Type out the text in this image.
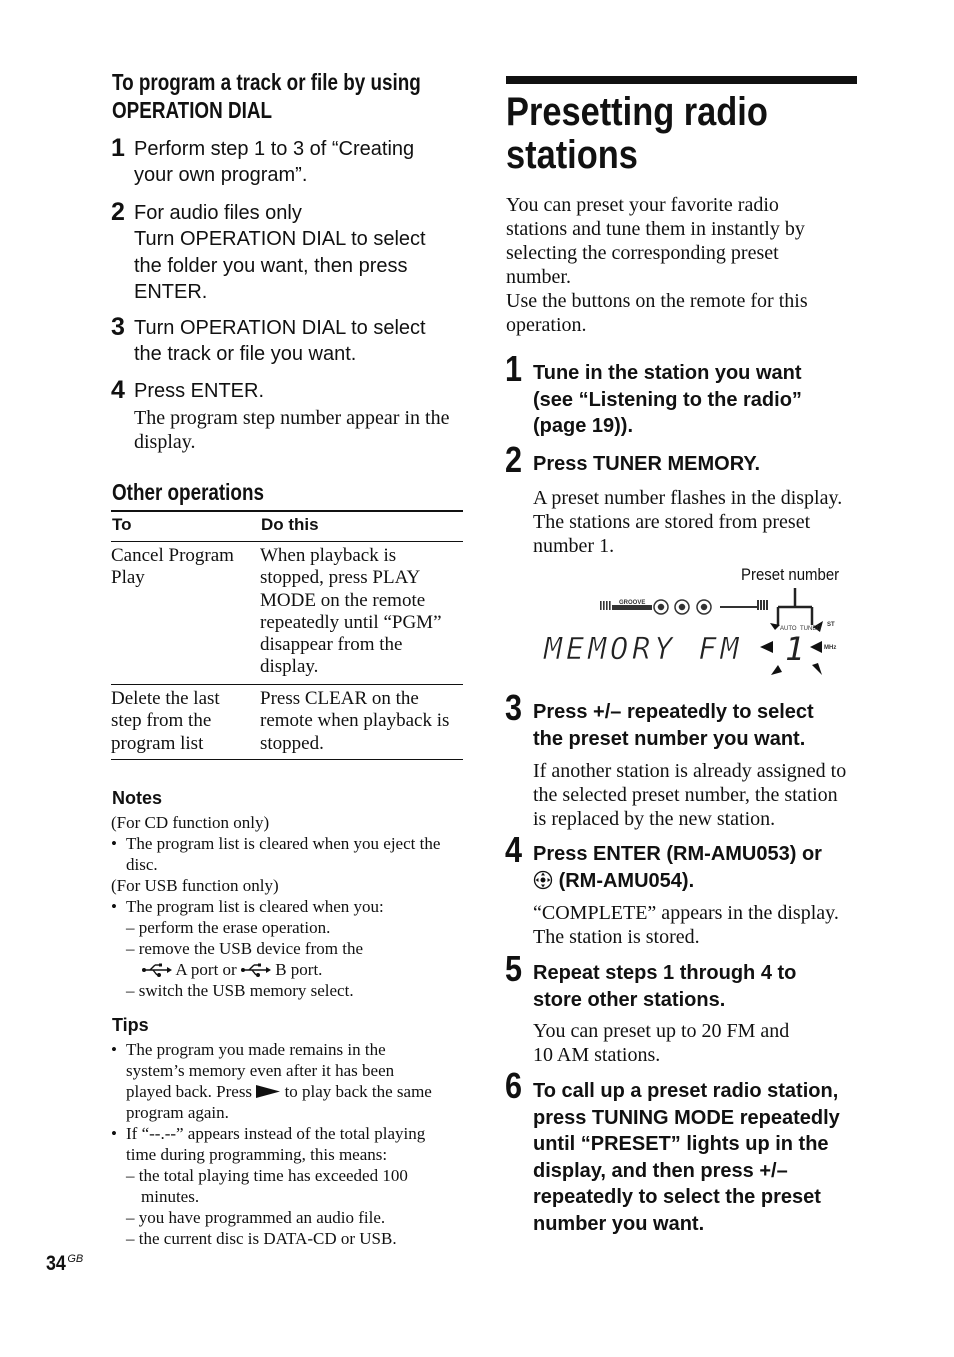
To program a track or file by using
OPERATION DIAL
1 Perform step 1 to 3 of “Creating
your own program”.
2 For audio files only
Turn OPERATION DIAL to select
the folder you want, then press
ENTER.
3 Turn OPERATION DIAL to select
the track or file you want.
4 Press ENTER.
The program step number appear in the
display.
Other operations
To	Do this
Cancel Program
Play
When playback is
stopped, press PLAY
MODE on the remote
repeatedly until “PGM”
disappear from the
display.
Delete the last
step from the
program list
Press CLEAR on the
remote when playback is
stopped.
Notes
(For CD function only)
• The program list is cleared when you eject the
disc.
(For USB function only)
• The program list is cleared when you:
– perform the erase operation.
– remove the USB device from the
A port or B port.
– switch the USB memory select.
Tips
• The program you made remains in the
system’s memory even after it has been
played back. Press to play back the same
program again.
• If “--.--” appears instead of the total playing
time during programming, this means:
– the total playing time has exceeded 100
minutes.
– you have programmed an audio file.
– the current disc is DATA-CD or USB.
34 $^{GB}$
Presetting radio
stations
You can preset your favorite radio
stations and tune them in instantly by
selecting the corresponding preset
number.
Use the buttons on the remote for this
operation.
1 Tune in the station you want
(see “Listening to the radio”
(page 19)).
2 Press TUNER MEMORY.
A preset number flashes in the display.
The stations are stored from preset
number 1.
Preset number
GROOVE
MEMORY FM 1
AUTO TUNED
ST
MHz
3 Press +/– repeatedly to select
the preset number you want.
If another station is already assigned to
the selected preset number, the station
is replaced by the new station.
4 Press ENTER (RM-AMU053) or
(RM-AMU054).
“COMPLETE” appears in the display.
The station is stored.
5 Repeat steps 1 through 4 to
store other stations.
You can preset up to 20 FM and
10 AM stations.
6 To call up a preset radio station,
press TUNING MODE repeatedly
until “PRESET” lights up in the
display, and then press +/–
repeatedly to select the preset
number you want.
